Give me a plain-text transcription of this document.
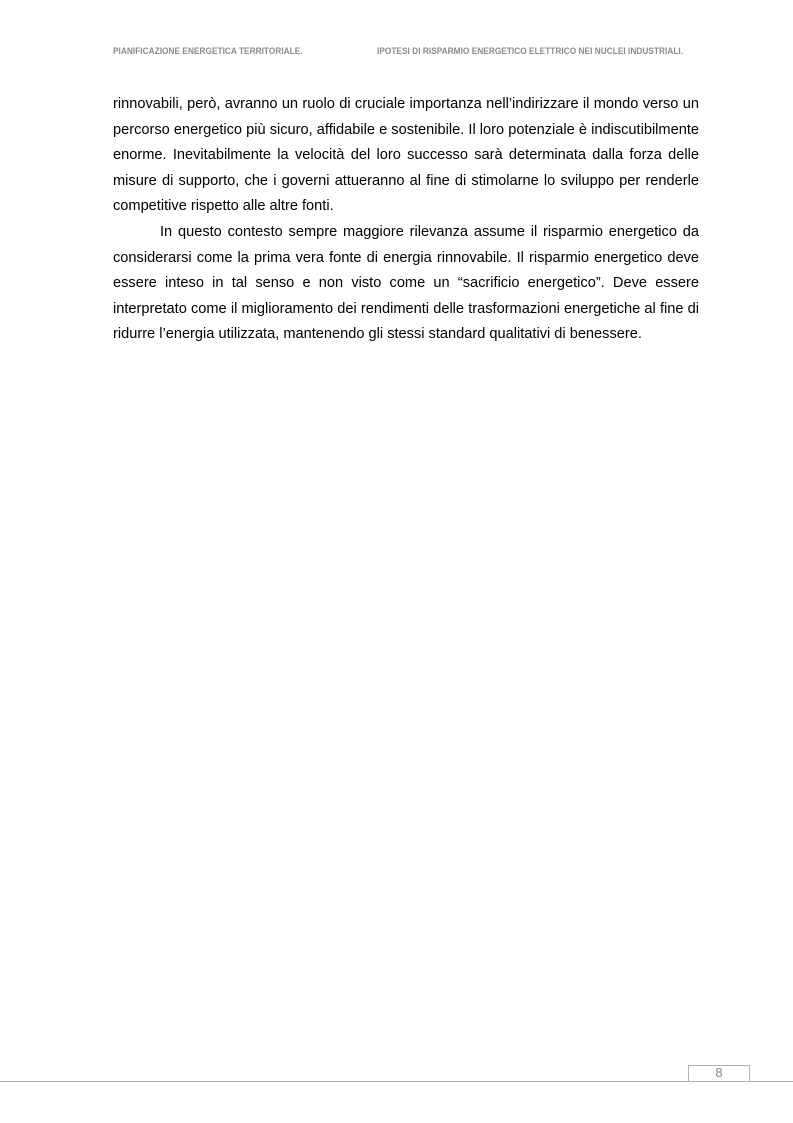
PIANIFICAZIONE ENERGETICA TERRITORIALE.	IPOTESI DI RISPARMIO ENERGETICO ELETTRICO NEI NUCLEI INDUSTRIALI.

rinnovabili, però, avranno un ruolo di cruciale importanza nell’indirizzare il mondo verso un percorso energetico più sicuro, affidabile e sostenibile. Il loro potenziale è indiscutibilmente enorme. Inevitabilmente la velocità del loro successo sarà determinata dalla forza delle misure di supporto, che i governi attueranno al fine di stimolarne lo sviluppo per renderle competitive rispetto alle altre fonti.

In questo contesto sempre maggiore rilevanza assume il risparmio energetico da considerarsi come la prima vera fonte di energia rinnovabile. Il risparmio energetico deve essere inteso in tal senso e non visto come un “sacrificio energetico”. Deve essere interpretato come il miglioramento dei rendimenti delle trasformazioni energetiche al fine di ridurre l’energia utilizzata, mantenendo gli stessi standard qualitativi di benessere.

8
